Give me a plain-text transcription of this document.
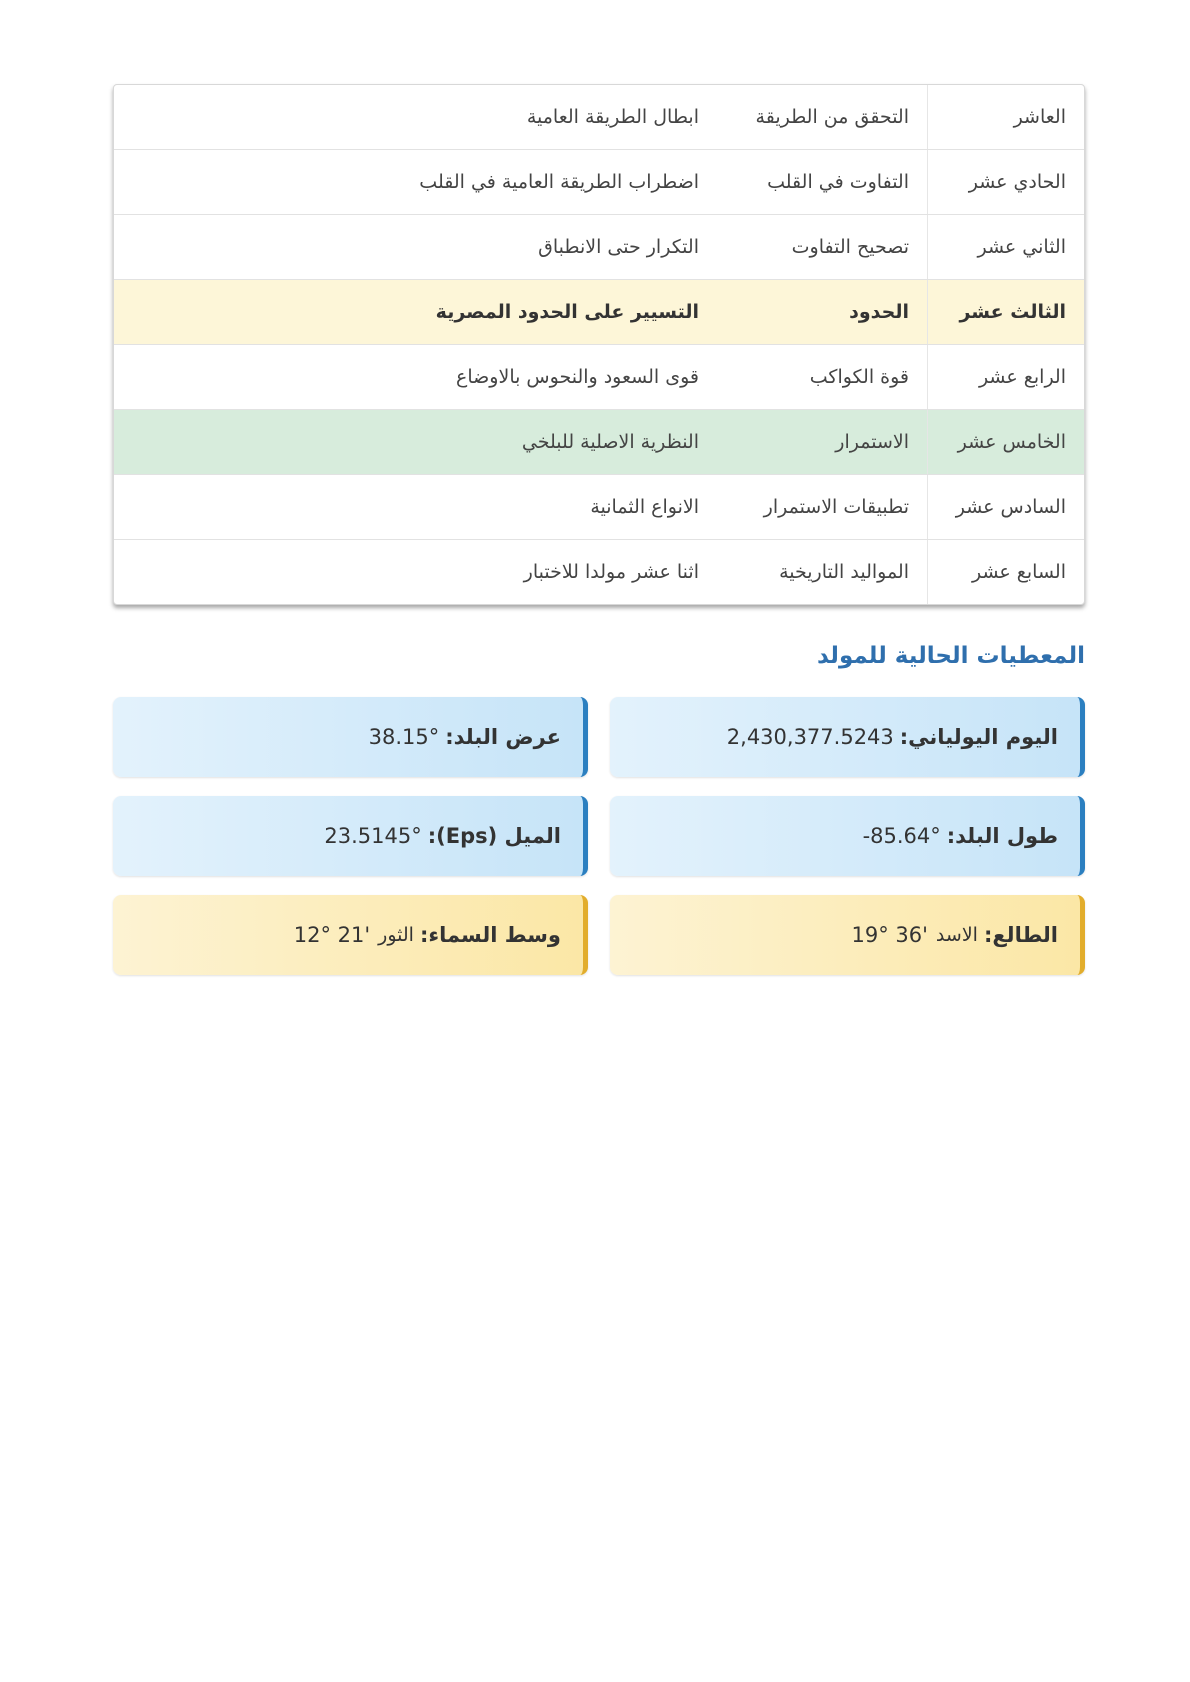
العاشر	التحقق من الطريقة	ابطال الطريقة العامية
الحادي عشر	التفاوت في القلب	اضطراب الطريقة العامية في القلب
الثاني عشر	تصحيح التفاوت	التكرار حتى الانطباق
الثالث عشر	الحدود	التسيير على الحدود المصرية
الرابع عشر	قوة الكواكب	قوى السعود والنحوس بالاوضاع
الخامس عشر	الاستمرار	النظرية الاصلية للبلخي
السادس عشر	تطبيقات الاستمرار	الانواع الثمانية
السابع عشر	المواليد التاريخية	اثنا عشر مولدا للاختبار
المعطيات الحالية للمولد
اليوم اليولياني:
2,430,377.5243
عرض البلد:
38.15°
طول البلد:
-85.64°
الميل (Eps):
23.5145°
الطالع:
الاسد
19° 36'
وسط السماء:
الثور
12° 21'
